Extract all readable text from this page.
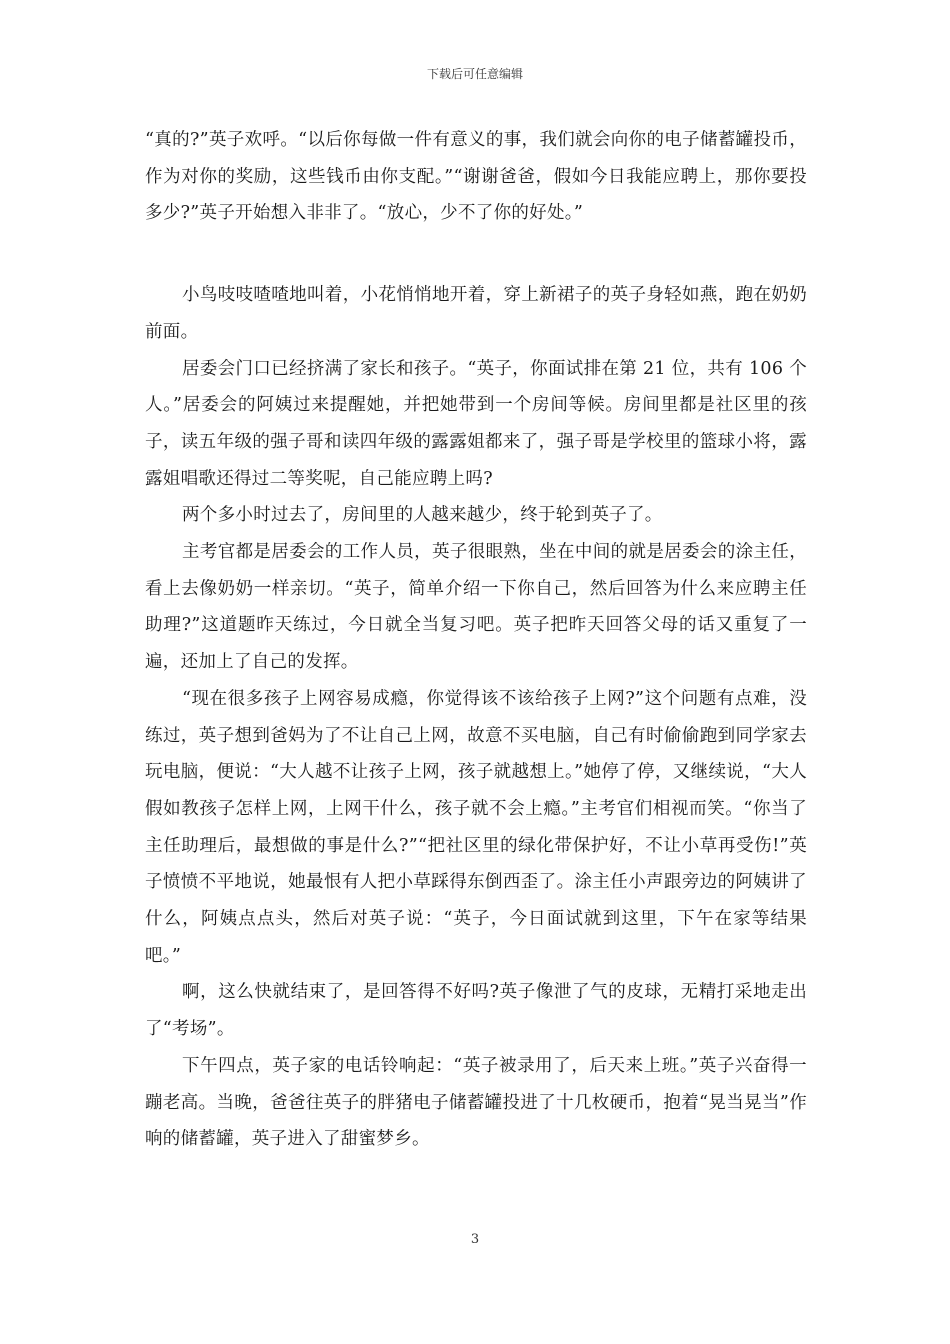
下载后可任意编辑

“真的?”英子欢呼。“以后你每做一件有意义的事，我们就会向你的电子储蓄罐投币，作为对你的奖励，这些钱币由你支配。”“谢谢爸爸，假如今日我能应聘上，那你要投多少?”英子开始想入非非了。“放心，少不了你的好处。”

小鸟吱吱喳喳地叫着，小花悄悄地开着，穿上新裙子的英子身轻如燕，跑在奶奶前面。

居委会门口已经挤满了家长和孩子。“英子，你面试排在第 21 位，共有 106 个人。”居委会的阿姨过来提醒她，并把她带到一个房间等候。房间里都是社区里的孩子，读五年级的强子哥和读四年级的露露姐都来了，强子哥是学校里的篮球小将，露露姐唱歌还得过二等奖呢，自己能应聘上吗?

两个多小时过去了，房间里的人越来越少，终于轮到英子了。

主考官都是居委会的工作人员，英子很眼熟，坐在中间的就是居委会的涂主任，看上去像奶奶一样亲切。“英子，简单介绍一下你自己，然后回答为什么来应聘主任助理?”这道题昨天练过，今日就全当复习吧。英子把昨天回答父母的话又重复了一遍，还加上了自己的发挥。

“现在很多孩子上网容易成瘾，你觉得该不该给孩子上网?”这个问题有点难，没练过，英子想到爸妈为了不让自己上网，故意不买电脑，自己有时偷偷跑到同学家去玩电脑，便说：“大人越不让孩子上网，孩子就越想上。”她停了停，又继续说，“大人假如教孩子怎样上网，上网干什么，孩子就不会上瘾。”主考官们相视而笑。“你当了主任助理后，最想做的事是什么?”“把社区里的绿化带保护好，不让小草再受伤!”英子愤愤不平地说，她最恨有人把小草踩得东倒西歪了。涂主任小声跟旁边的阿姨讲了什么，阿姨点点头，然后对英子说：“英子，今日面试就到这里，下午在家等结果吧。”

啊，这么快就结束了，是回答得不好吗?英子像泄了气的皮球，无精打采地走出了“考场”。

下午四点，英子家的电话铃响起：“英子被录用了，后天来上班。”英子兴奋得一蹦老高。当晚，爸爸往英子的胖猪电子储蓄罐投进了十几枚硬币，抱着“晃当晃当”作响的储蓄罐，英子进入了甜蜜梦乡。

3
